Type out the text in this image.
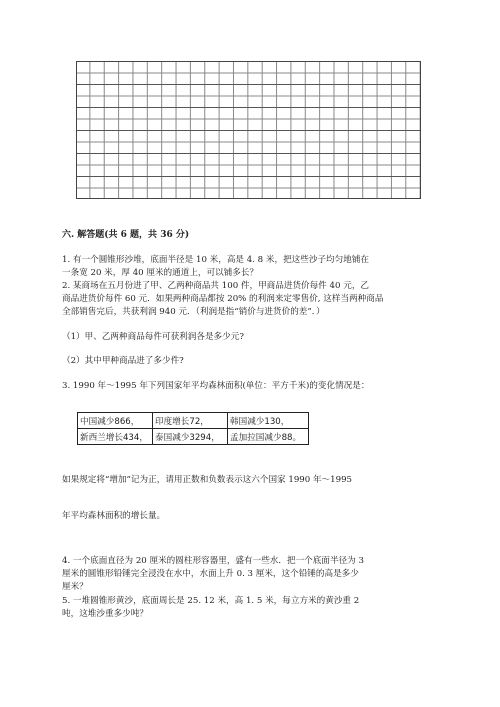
六. 解答题(共 6 题，共 36 分)
1. 有一个圆锥形沙堆，底面半径是 10 米，高是 4. 8 米，把这些沙子均匀地铺在
一条宽 20 米，厚 40 厘米的通道上，可以铺多长？
2. 某商场在五月份进了甲、乙两种商品共 100 件，甲商品进货价每件 40 元，乙
商品进货价每件 60 元．如果两种商品都按 20% 的利润来定零售价, 这样当两种商品
全部销售完后，共获利润 940 元．（利润是指“销价与进货价的差”．）
（1）甲、乙两种商品每件可获利润各是多少元?
（2）其中甲种商品进了多少件?
3. 1990 年～1995 年下列国家年平均森林面积(单位：平方千米)的变化情况是：
中国减少866，	印度增长72，	韩国减少130，
新西兰增长434，	泰国减少3294，	孟加拉国减少88。
如果规定将“增加”记为正，请用正数和负数表示这六个国家 1990 年～1995
年平均森林面积的增长量。
4. 一个底面直径为 20 厘米的圆柱形容器里，盛有一些水．把一个底面半径为 3
厘米的圆锥形铅锤完全浸没在水中，水面上升 0. 3 厘米，这个铅锤的高是多少
厘米？
5. 一堆圆锥形黄沙，底面周长是 25. 12 米，高 1. 5 米，每立方米的黄沙重 2
吨，这堆沙重多少吨？
